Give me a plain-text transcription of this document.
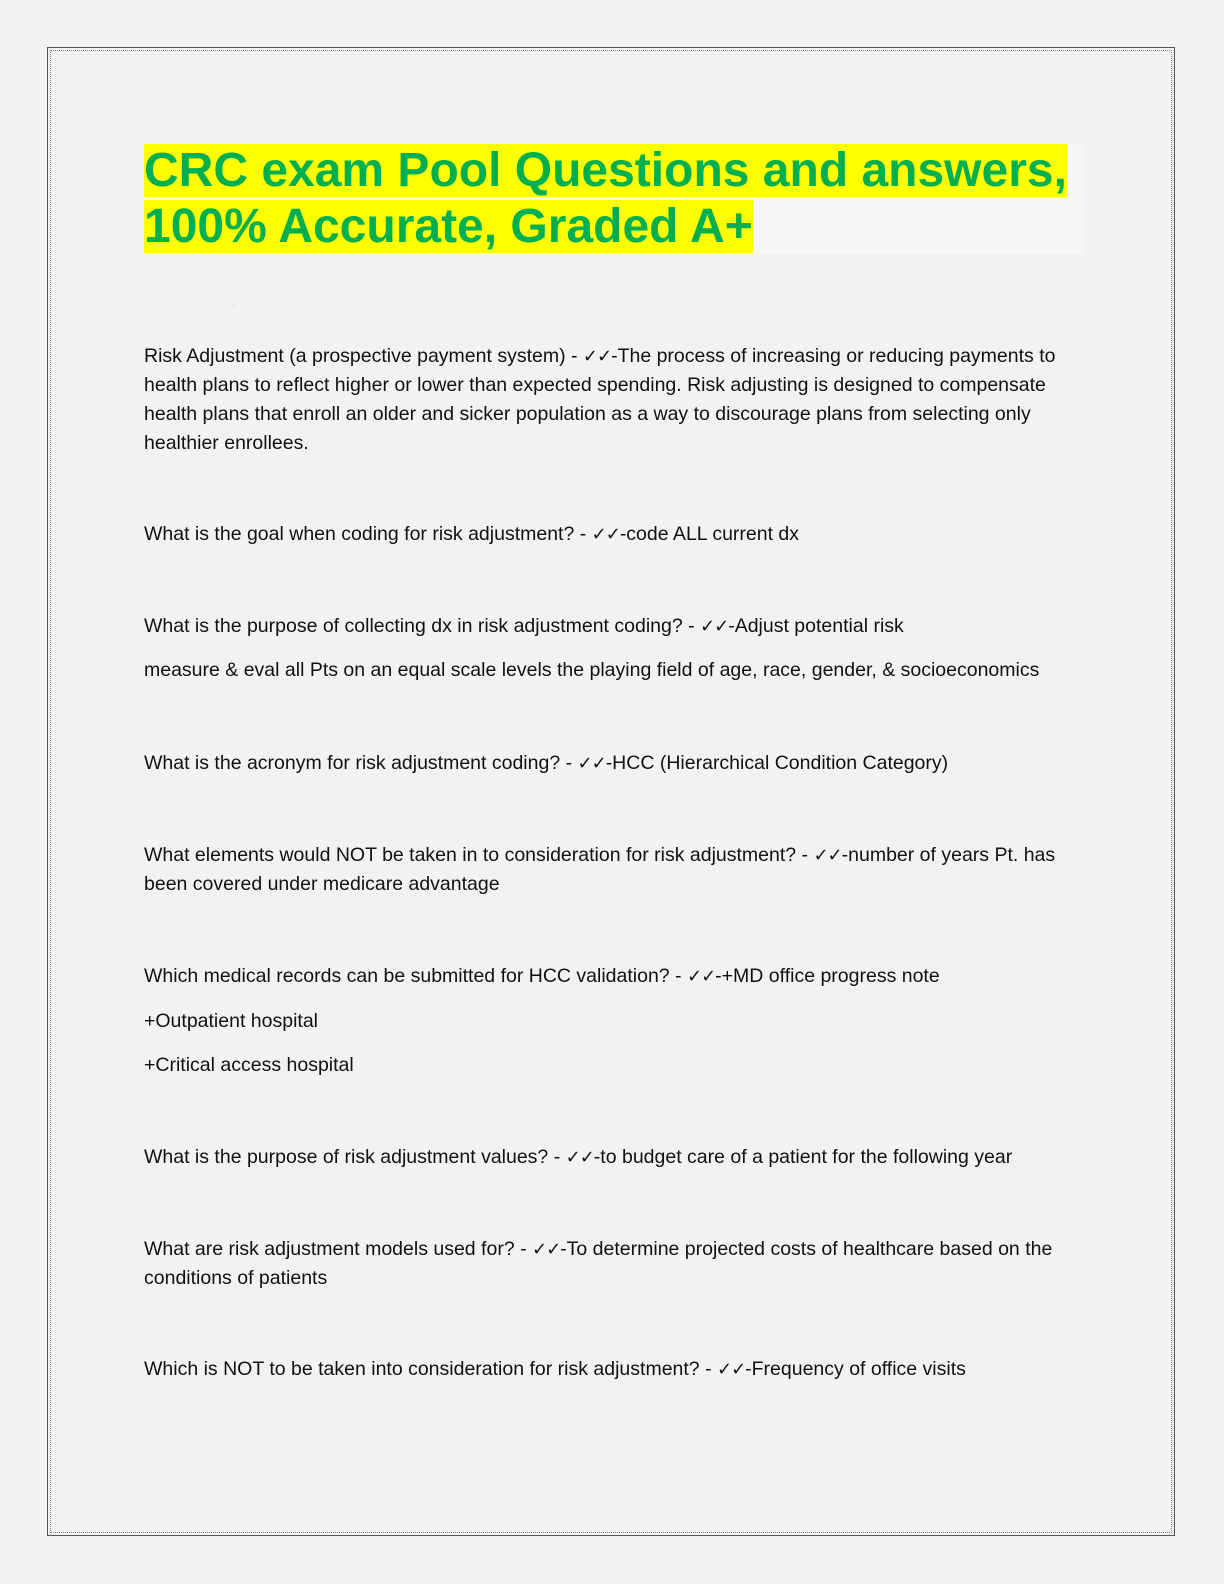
CRC exam Pool Questions and answers,
100% Accurate, Graded A+

Risk Adjustment (a prospective payment system) - ✓✓-The process of increasing or reducing payments to health plans to reflect higher or lower than expected spending. Risk adjusting is designed to compensate health plans that enroll an older and sicker population as a way to discourage plans from selecting only healthier enrollees.

What is the goal when coding for risk adjustment? - ✓✓-code ALL current dx

What is the purpose of collecting dx in risk adjustment coding? - ✓✓-Adjust potential risk

measure & eval all Pts on an equal scale levels the playing field of age, race, gender, & socioeconomics

What is the acronym for risk adjustment coding? - ✓✓-HCC (Hierarchical Condition Category)

What elements would NOT be taken in to consideration for risk adjustment? - ✓✓-number of years Pt. has been covered under medicare advantage

Which medical records can be submitted for HCC validation? - ✓✓-+MD office progress note

+Outpatient hospital

+Critical access hospital

What is the purpose of risk adjustment values? - ✓✓-to budget care of a patient for the following year

What are risk adjustment models used for? - ✓✓-To determine projected costs of healthcare based on the conditions of patients

Which is NOT to be taken into consideration for risk adjustment? - ✓✓-Frequency of office visits
